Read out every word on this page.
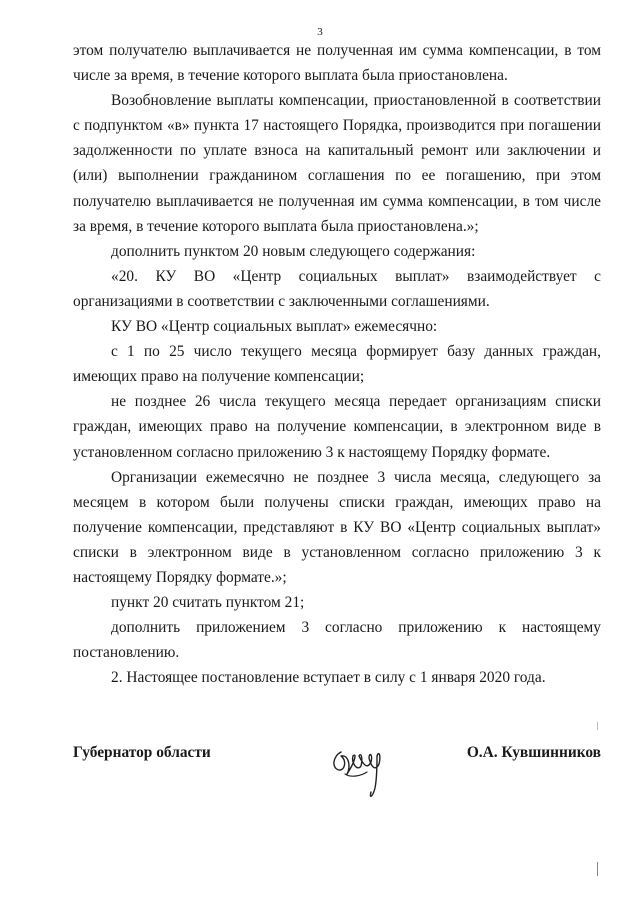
3

этом получателю выплачивается не полученная им сумма компенсации, в том числе за время, в течение которого выплата была приостановлена.

Возобновление выплаты компенсации, приостановленной в соответствии с подпунктом «в» пункта 17 настоящего Порядка, производится при погашении задолженности по уплате взноса на капитальный ремонт или заключении и (или) выполнении гражданином соглашения по ее погашению, при этом получателю выплачивается не полученная им сумма компенсации, в том числе за время, в течение которого выплата была приостановлена.»;

дополнить пунктом 20 новым следующего содержания:

«20. КУ ВО «Центр социальных выплат» взаимодействует с организациями в соответствии с заключенными соглашениями.

КУ ВО «Центр социальных выплат» ежемесячно:

с 1 по 25 число текущего месяца формирует базу данных граждан, имеющих право на получение компенсации;

не позднее 26 числа текущего месяца передает организациям списки граждан, имеющих право на получение компенсации, в электронном виде в установленном согласно приложению 3 к настоящему Порядку формате.

Организации ежемесячно не позднее 3 числа месяца, следующего за месяцем в котором были получены списки граждан, имеющих право на получение компенсации, представляют в КУ ВО «Центр социальных выплат» списки в электронном виде в установленном согласно приложению 3 к настоящему Порядку формате.»;

пункт 20 считать пунктом 21;

дополнить приложением 3 согласно приложению к настоящему постановлению.

2. Настоящее постановление вступает в силу с 1 января 2020 года.

Губернатор области	О.А. Кувшинников
